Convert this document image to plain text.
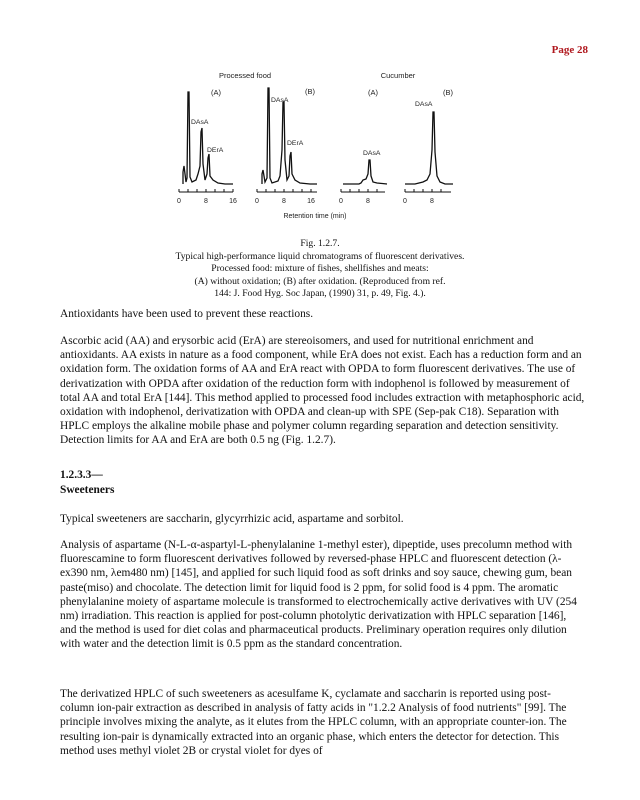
Page 28
Processed food	Cucumber
(A)	(B)	(A)	(B)
DAsA
DErA
DAsA
DErA
DAsA
DAsA
0	8	16	0	8	16	0	8	0	8
Retention time (min)
Fig. 1.2.7.
Typical high-performance liquid chromatograms of fluorescent derivatives.
Processed food: mixture of fishes, shellfishes and meats:
(A) without oxidation; (B) after oxidation. (Reproduced from ref.
144: J. Food Hyg. Soc Japan, (1990) 31, p. 49, Fig. 4.).

Antioxidants have been used to prevent these reactions.

Ascorbic acid (AA) and erysorbic acid (ErA) are stereoisomers, and used for nutritional enrichment and antioxidants. AA exists in nature as a food component, while ErA does not exist. Each has a reduction form and an oxidation form. The oxidation forms of AA and ErA react with OPDA to form fluorescent derivatives. The use of derivatization with OPDA after oxidation of the reduction form with indophenol is followed by measurement of total AA and total ErA [144]. This method applied to processed food includes extraction with metaphosphoric acid, oxidation with indophenol, derivatization with OPDA and clean-up with SPE (Sep-pak C18). Separation with HPLC employs the alkaline mobile phase and polymer column regarding separation and detection sensitivity. Detection limits for AA and ErA are both 0.5 ng (Fig. 1.2.7).

1.2.3.3—
Sweeteners

Typical sweeteners are saccharin, glycyrrhizic acid, aspartame and sorbitol.

Analysis of aspartame (N-L-α-aspartyl-L-phenylalanine 1-methyl ester), dipeptide, uses precolumn method with fluorescamine to form fluorescent derivatives followed by reversed-phase HPLC and fluorescent detection (λ-ex390 nm, λem480 nm) [145], and applied for such liquid food as soft drinks and soy sauce, chewing gum, bean paste(miso) and chocolate. The detection limit for liquid food is 2 ppm, for solid food is 4 ppm. The aromatic phenylalanine moiety of aspartame molecule is transformed to electrochemically active derivatives with UV (254 nm) irradiation. This reaction is applied for post-column photolytic derivatization with HPLC separation [146], and the method is used for diet colas and pharmaceutical products. Preliminary operation requires only dilution with water and the detection limit is 0.5 ppm as the standard concentration.

The derivatized HPLC of such sweeteners as acesulfame K, cyclamate and saccharin is reported using post-column ion-pair extraction as described in analysis of fatty acids in "1.2.2 Analysis of food nutrients" [99]. The principle involves mixing the analyte, as it elutes from the HPLC column, with an appropriate counter-ion. The resulting ion-pair is dynamically extracted into an organic phase, which enters the detector for detection. This method uses methyl violet 2B or crystal violet for dyes of
